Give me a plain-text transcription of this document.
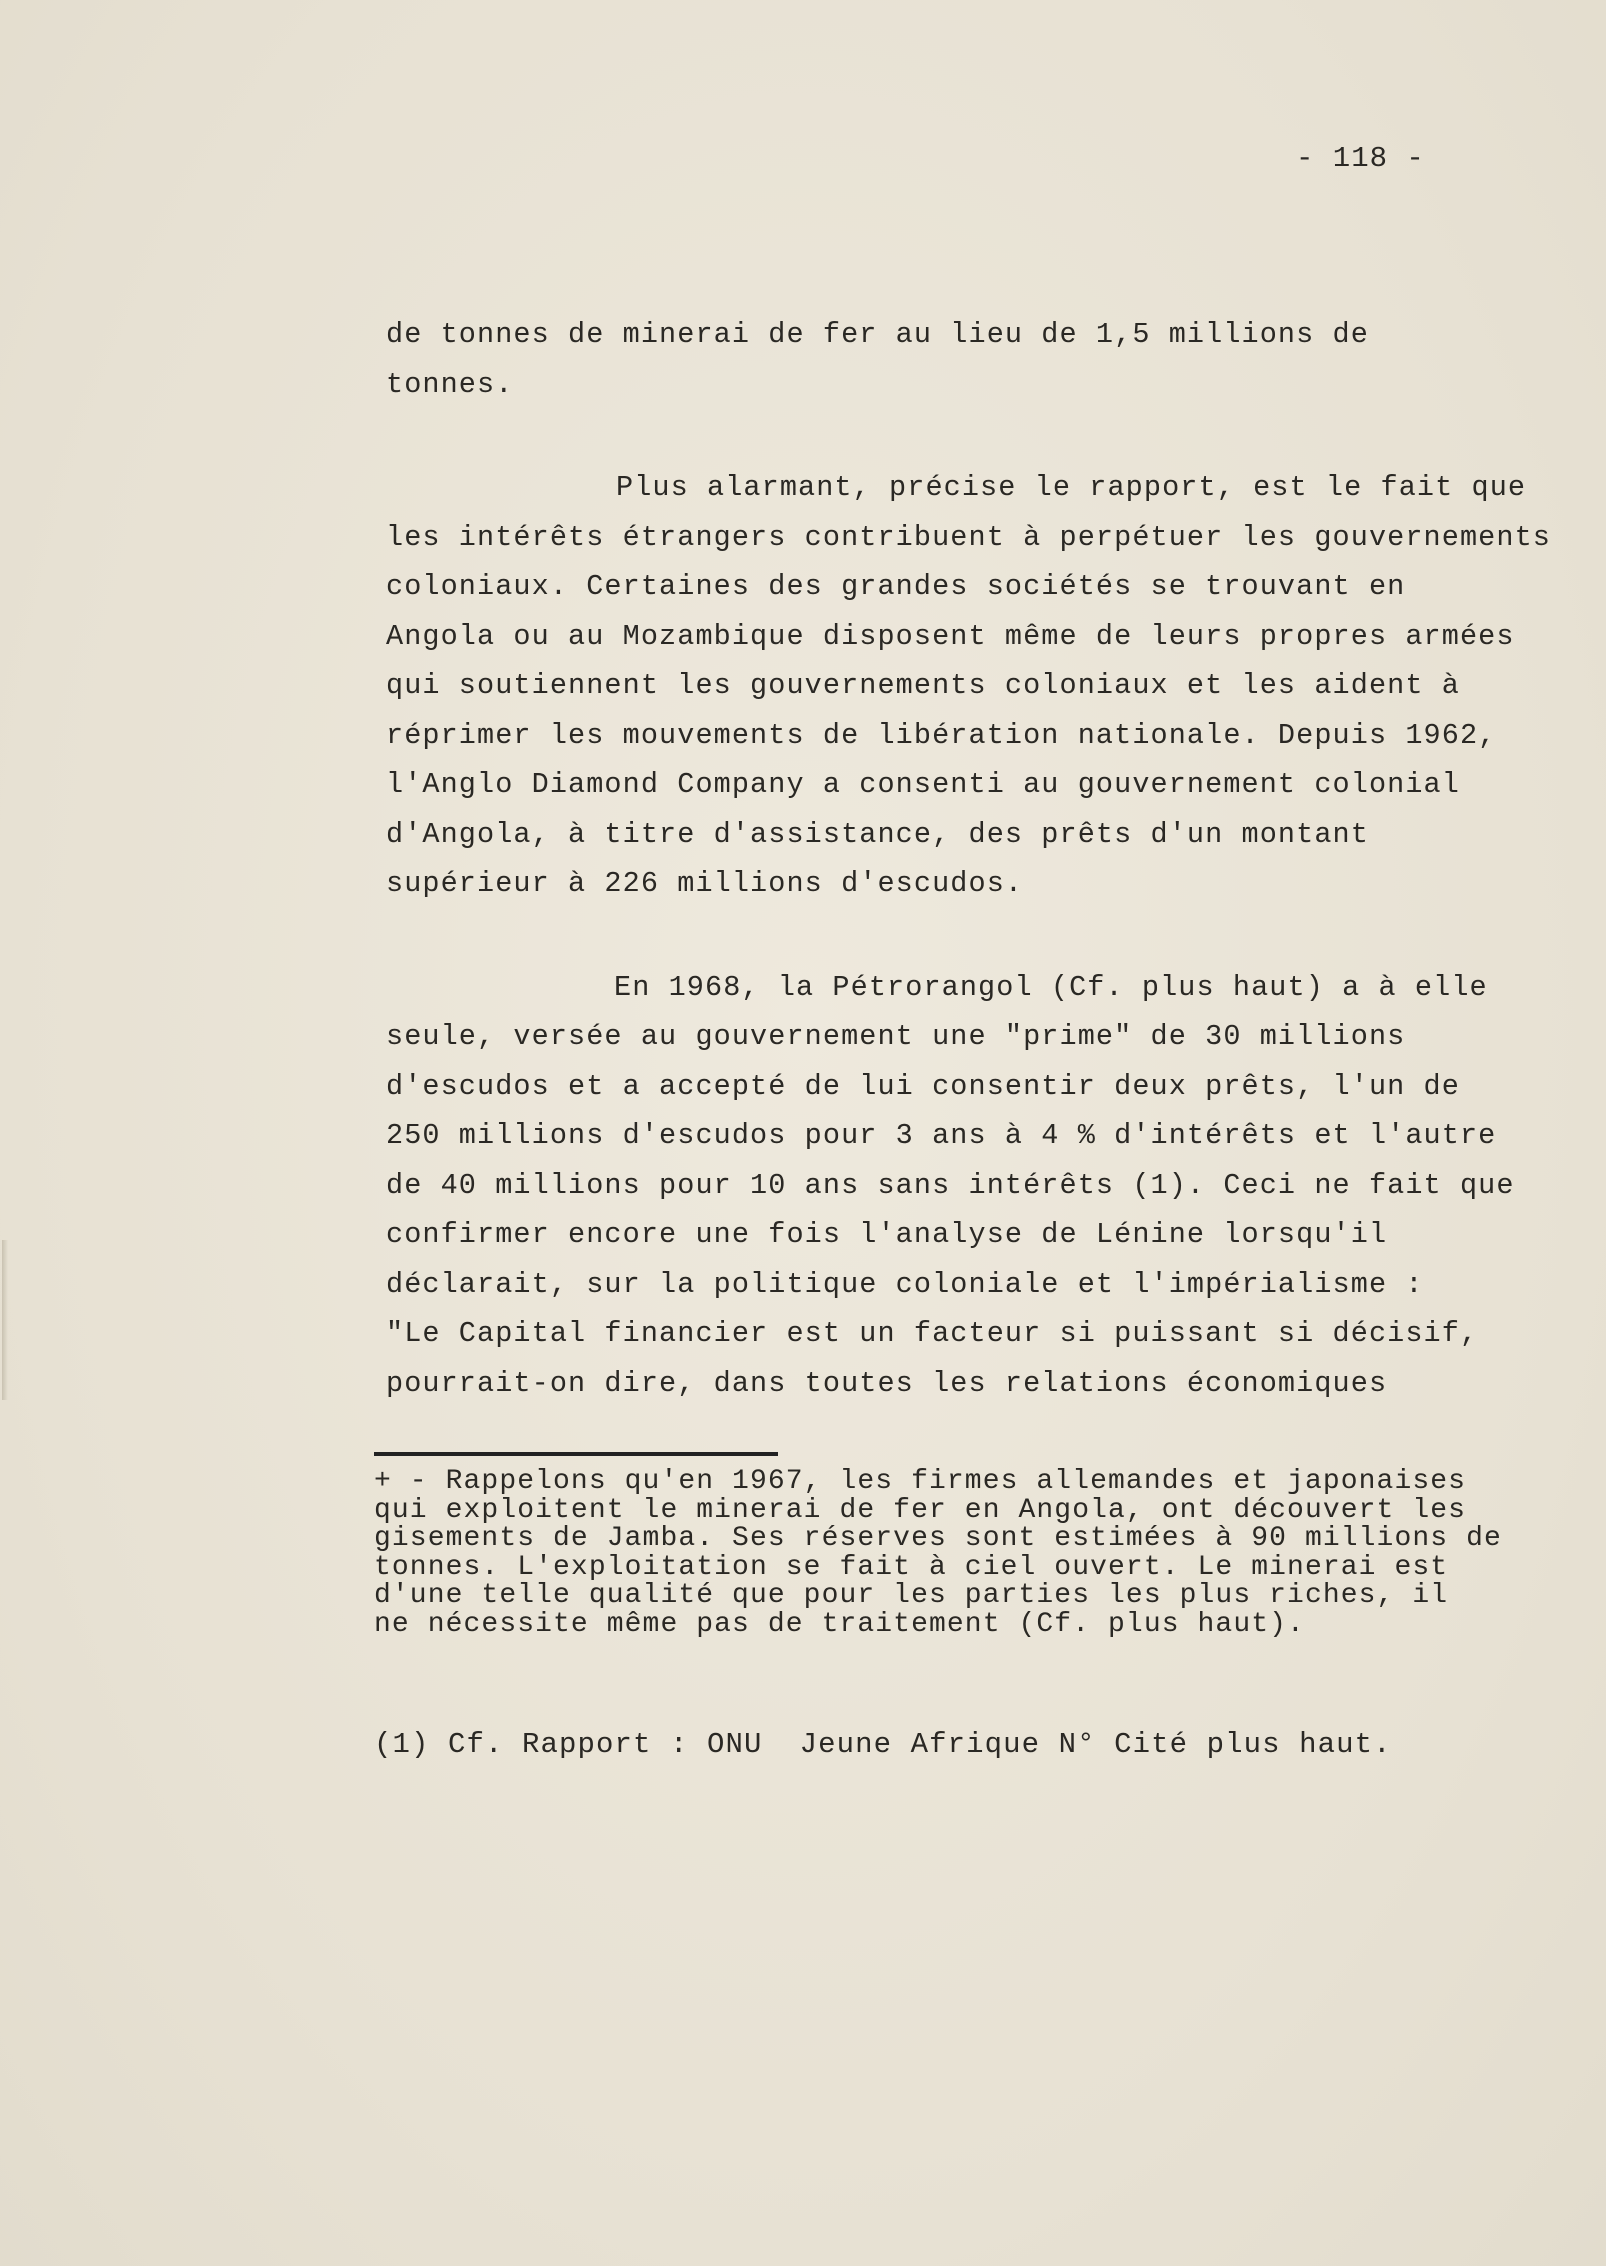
- 118 -
de tonnes de minerai de fer au lieu de 1,5 millions de
tonnes.
Plus alarmant, précise le rapport, est le fait que
les intérêts étrangers contribuent à perpétuer les gouvernements
coloniaux. Certaines des grandes sociétés se trouvant en
Angola ou au Mozambique disposent même de leurs propres armées
qui soutiennent les gouvernements coloniaux et les aident à
réprimer les mouvements de libération nationale. Depuis 1962,
l'Anglo Diamond Company a consenti au gouvernement colonial
d'Angola, à titre d'assistance, des prêts d'un montant
supérieur à 226 millions d'escudos.
En 1968, la Pétrorangol (Cf. plus haut) a à elle
seule, versée au gouvernement une "prime" de 30 millions
d'escudos et a accepté de lui consentir deux prêts, l'un de
250 millions d'escudos pour 3 ans à 4 % d'intérêts et l'autre
de 40 millions pour 10 ans sans intérêts (1). Ceci ne fait que
confirmer encore une fois l'analyse de Lénine lorsqu'il
déclarait, sur la politique coloniale et l'impérialisme :
"Le Capital financier est un facteur si puissant si décisif,
pourrait-on dire, dans toutes les relations économiques
+ - Rappelons qu'en 1967, les firmes allemandes et japonaises
qui exploitent le minerai de fer en Angola, ont découvert les
gisements de Jamba. Ses réserves sont estimées à 90 millions de
tonnes. L'exploitation se fait à ciel ouvert. Le minerai est
d'une telle qualité que pour les parties les plus riches, il
ne nécessite même pas de traitement (Cf. plus haut).
(1) Cf. Rapport : ONU  Jeune Afrique N° Cité plus haut.
